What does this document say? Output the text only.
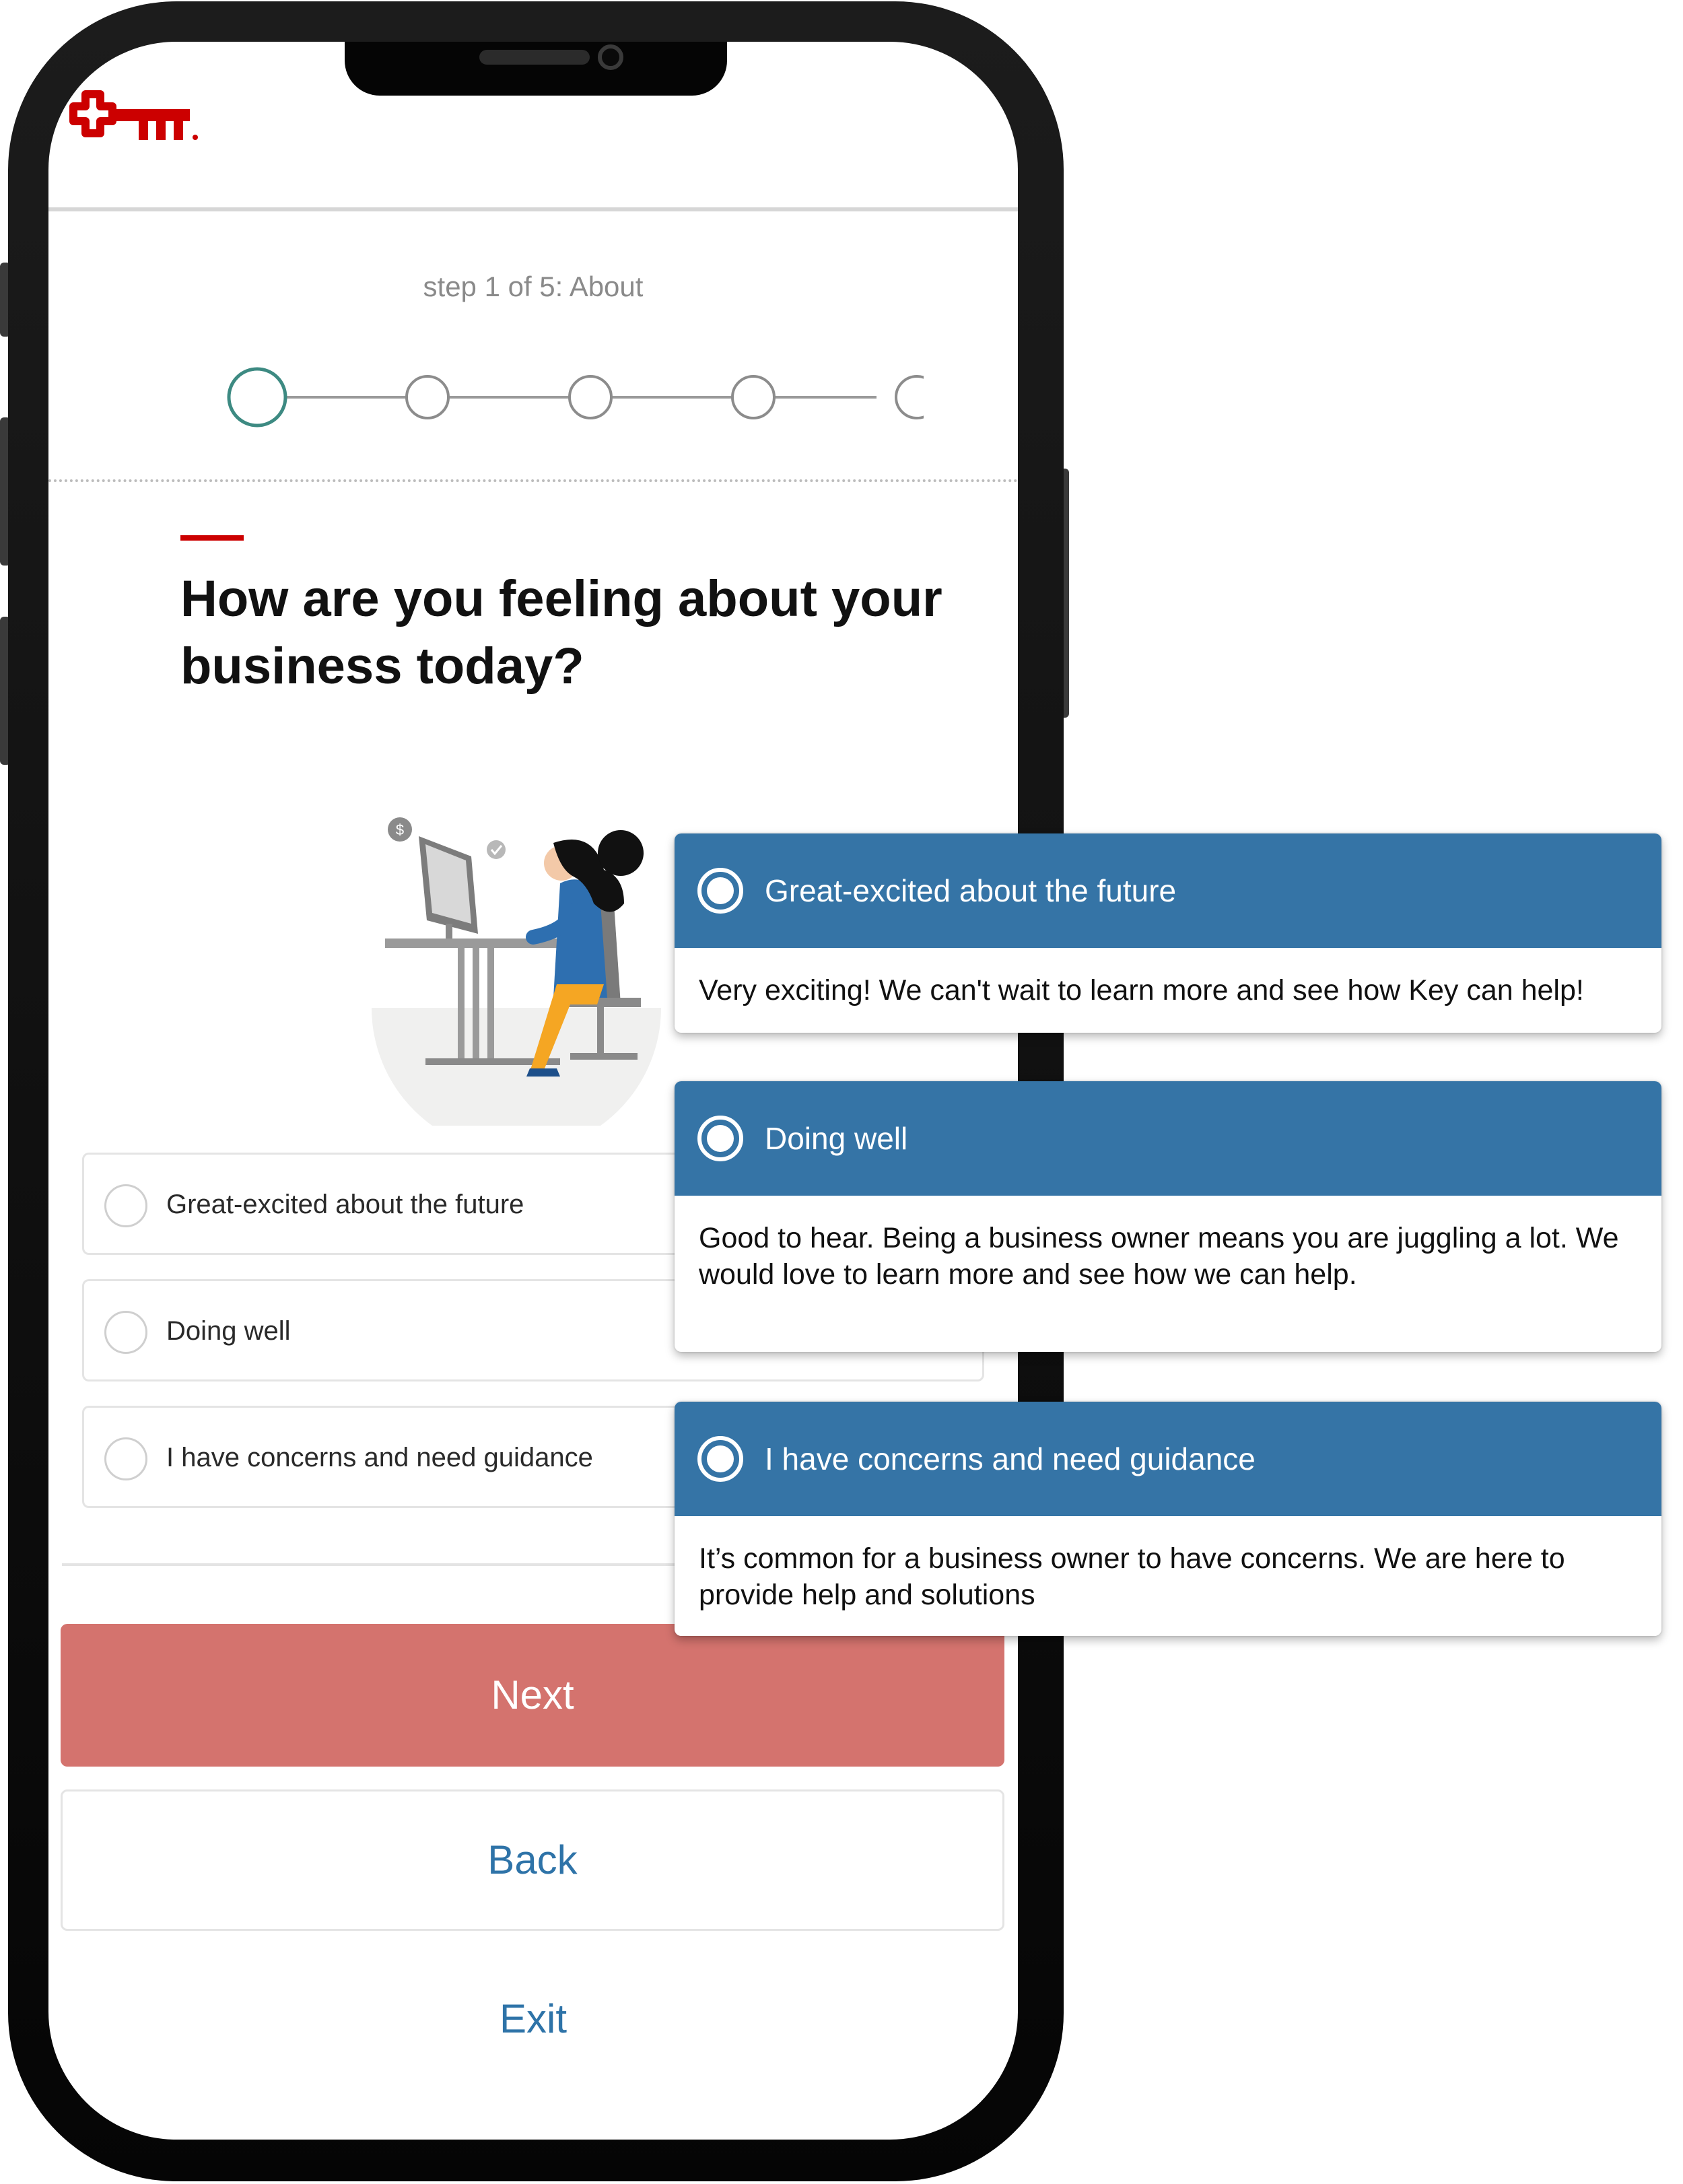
step 1 of 5: About
How are you feeling about your business today?
$
Great-excited about the future
Doing well
I have concerns and need guidance
Next
Back
Exit
Great-excited about the future
Very exciting! We can't wait to learn more and see how Key can help!
Doing well
Good to hear. Being a business owner means you are juggling a lot. We would love to learn more and see how we can help.
I have concerns and need guidance
It’s common for a business owner to have concerns. We are here to provide help and solutions
